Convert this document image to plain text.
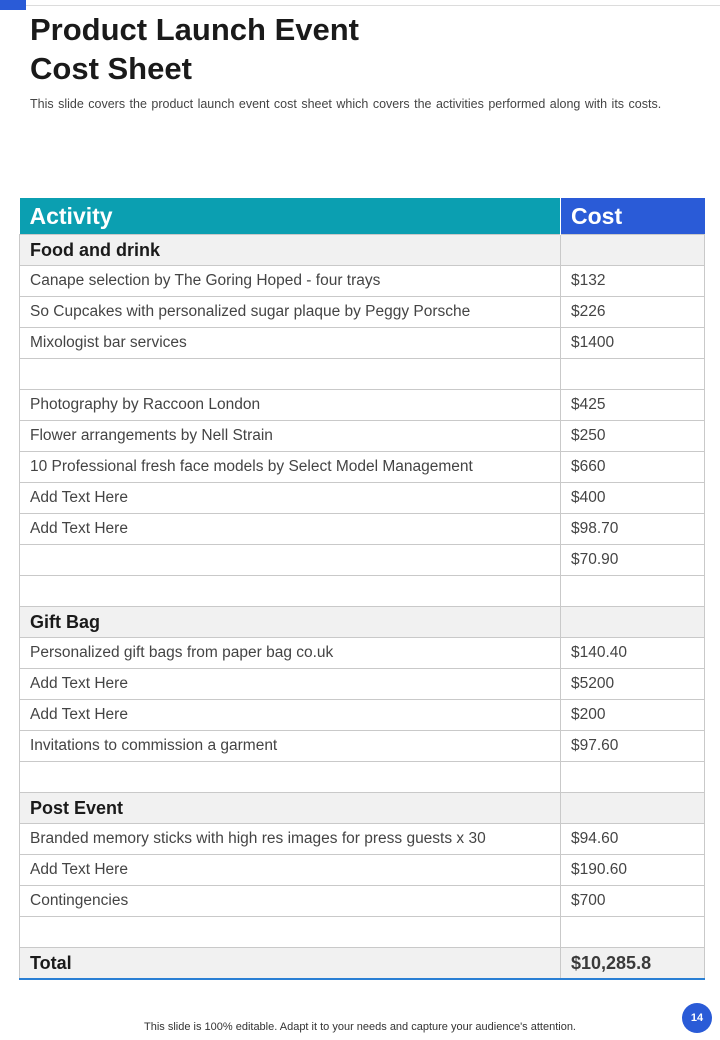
Product Launch Event
Cost Sheet

This slide covers the product launch event cost sheet which covers the activities performed along with its costs.

Activity	Cost
Food and drink	
Canape selection by The Goring Hoped - four trays	$132
So Cupcakes with personalized sugar plaque by Peggy Porsche	$226
Mixologist bar services	$1400

Photography by Raccoon London	$425
Flower arrangements by Nell Strain	$250
10 Professional fresh face models by Select Model Management	$660
Add Text Here	$400
Add Text Here	$98.70
	$70.90

Gift Bag	
Personalized gift bags from paper bag co.uk	$140.40
Add Text Here	$5200
Add Text Here	$200
Invitations to commission a garment	$97.60

Post Event	
Branded memory sticks with high res images for press guests x 30	$94.60
Add Text Here	$190.60
Contingencies	$700

Total	$10,285.8

This slide is 100% editable. Adapt it to your needs and capture your audience's attention.

14
